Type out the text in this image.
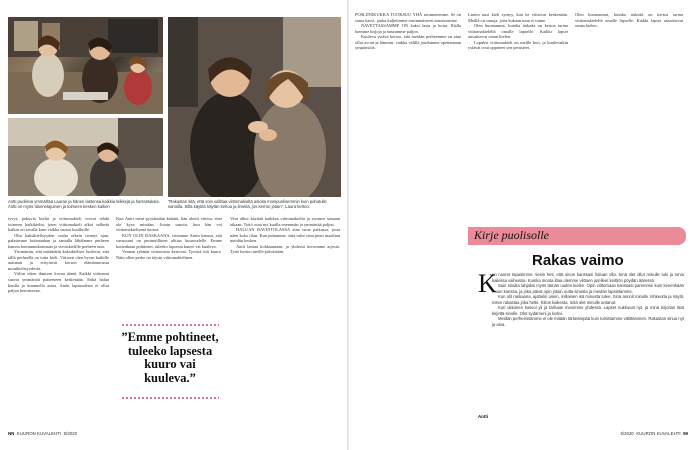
Antti puolisoa ymmärtää Lauran ja hänen lastensa kaikkia leikkejä ja harrastuksia. Antti on myös tilannetajuinen ja toimeen kesken kaiken
”Rakastan sitä, että voin valittaa viittomakieltä asioita monipuolisemmin kuin puhutulle sanoilla. Sillä käytän käytän kehoa ja ilmeitä, jos kerron jotain”, Laura kertoo.

tyvyt, puhuvia kieliä ja viittomakieli voivat tehdä toimeen kaikikielin, joten viittomakieli alkoi selkeää kaikin eri tavalla kuin vaikka suomi kuulluille.

Olin kaksikielisyyden osalta oikein tiennyt ajan, palasimme kotimaahan ja samalla lähdimme perheen kanssa kommunikoimaan ja vieraskielille perheen asia.

Ymmärrän, että mitäänkin kaksikieliset luulevat, että tällä perheellä on tuttu kieli. Viittoen olen hyvin kaikille auttanut ja erityisesti kerron elämäntavasta monikielisyydestä.

Vältin sitten ihmisen kovaa ääntä. Kaikki viittomat saavat ymmärtää puheeseen keskenään. Enkä halua kuulla ja kuunnella asiaa. Antin lapsuudesta ei ollut paljoa kerrottavaa.

Kun Antti meni pyytämään kättäni, hän aloitti viittoa, ettei ole kyse mistään. Jotain sanoin, kun hän voi viittomakielisenä kertoa.

KUN OLIN RASKAANA, tiesimme Antin kanssa, että suvussani on perinnöllinen alttius kuuroudelle. Emme kuitenkaan pohtineet, tuleeko lapsesta kuuro vai kuuleva.

Vennan ryhmät viittomista kertovat. Tytöstä tuli kuuro. Näin ollen perhe on täysin viittomakielinen.

”Emme pohtineet, tuleeko lapsesta kuuro vai kuuleva.”

Vera alkoi käyttää kaikkea viittomakieltä ja suomea samaan aikaan. Tyttö osaa nyt kuulla enemmän ja ymmärtää paljon.

HALUAN RAVINTOLASSA aina istua paikassa, josta näen koko tilan. Kun puhumme, siitä tulee oma pieni maailma meidän kesken.

Antti laittaa kokkaamaan, ja yhdessä kerromme arjesta. Tyttö kertoo meille päivästään.

NN KUURON KUVALEHTI 5/2020

POSLIINIKUKKA TUOKSUU YHÄ tavanneemme. Se on sama kasvi, jonka kuljetimme ensimmäiseen asuntoomme.

NAVETTASSAMME ON kaksi lasta ja koira. Illalla luemme kirjoja ja nauramme paljon.

Kuuleva ystävä kertoo, että meidän perheemme on aina ollut avoin ja lämmin, vaikka välillä joudumme opettamaan ympäristöä.

Lasten uusi kieli syntyy, kun he viittovat keskenään. Meillä on sanoja, joita kukaan muu ei tunne.

Olen huomannut, kuinka tärkeää on kertoa tarina viittomakielellä omalle lapselle. Kaikki lapset ansaitsevat oman kielen.

Lopuksi viittomakieli on meille koti, ja kuulevatkin ystävät ovat oppineet sen perusteet.

Olen huomannut, kuinka tärkeää on kertoa tarina viittomakielellä omalle lapselle. Kaikki lapset ansaitsevat oman kielen.

Kirje puolisolle
Rakas vaimo
K

un nuoret tapasimme, tiesin heti, että sinun kanssasi haluan olla. Sinä olet ollut minulle tuki ja turva kaikissa vaiheissa. Kuinka monta iltaa olemme viittoen jutelleet keittiön pöydän ääressä.

Sain sinulta lahjaksi myös tämän uuden kielen. Opin viittomaan kanssasi paremmin kuin kenenkään muun kanssa, ja joka päivä opin jotain uutta sinusta ja meidän lapsistamme.

Kun olit raskaana, ajattelin usein, millainen isä minusta tulee. Sinä annoit minulle rohkeutta ja näytit, miten rakastaa joka hetki. Kiitos kaikesta, mitä olet minulle antanut.

Kuri ukkonen kasvoi yli ja tarhaan menimme yhdessä. Lapset nukkuvat nyt, ja minä kirjoitan tätä kirjettä sinulle. Olet sydämeni ja kotini.

Meidän perheessämme ei ole mitään tärkeämpää kuin toisistamme välittäminen. Rakastan sinua nyt ja aina.

Antti
5/2020 KUURON KUVALEHTI 59
